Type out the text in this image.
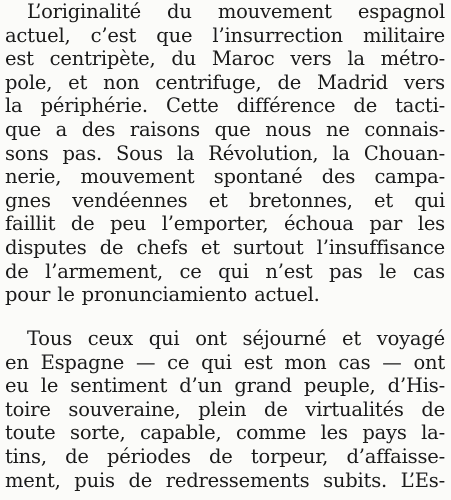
L’originalité du mouvement espagnol
actuel, c’est que l’insurrection militaire
est centripète, du Maroc vers la métro-
pole, et non centrifuge, de Madrid vers
la périphérie. Cette différence de tacti-
que a des raisons que nous ne connais-
sons pas. Sous la Révolution, la Chouan-
nerie, mouvement spontané des campa-
gnes vendéennes et bretonnes, et qui
faillit de peu l’emporter, échoua par les
disputes de chefs et surtout l’insuffisance
de l’armement, ce qui n’est pas le cas
pour le pronunciamiento actuel.
Tous ceux qui ont séjourné et voyagé
en Espagne — ce qui est mon cas — ont
eu le sentiment d’un grand peuple, d’His-
toire souveraine, plein de virtualités de
toute sorte, capable, comme les pays la-
tins, de périodes de torpeur, d’affaisse-
ment, puis de redressements subits. L’Es-
